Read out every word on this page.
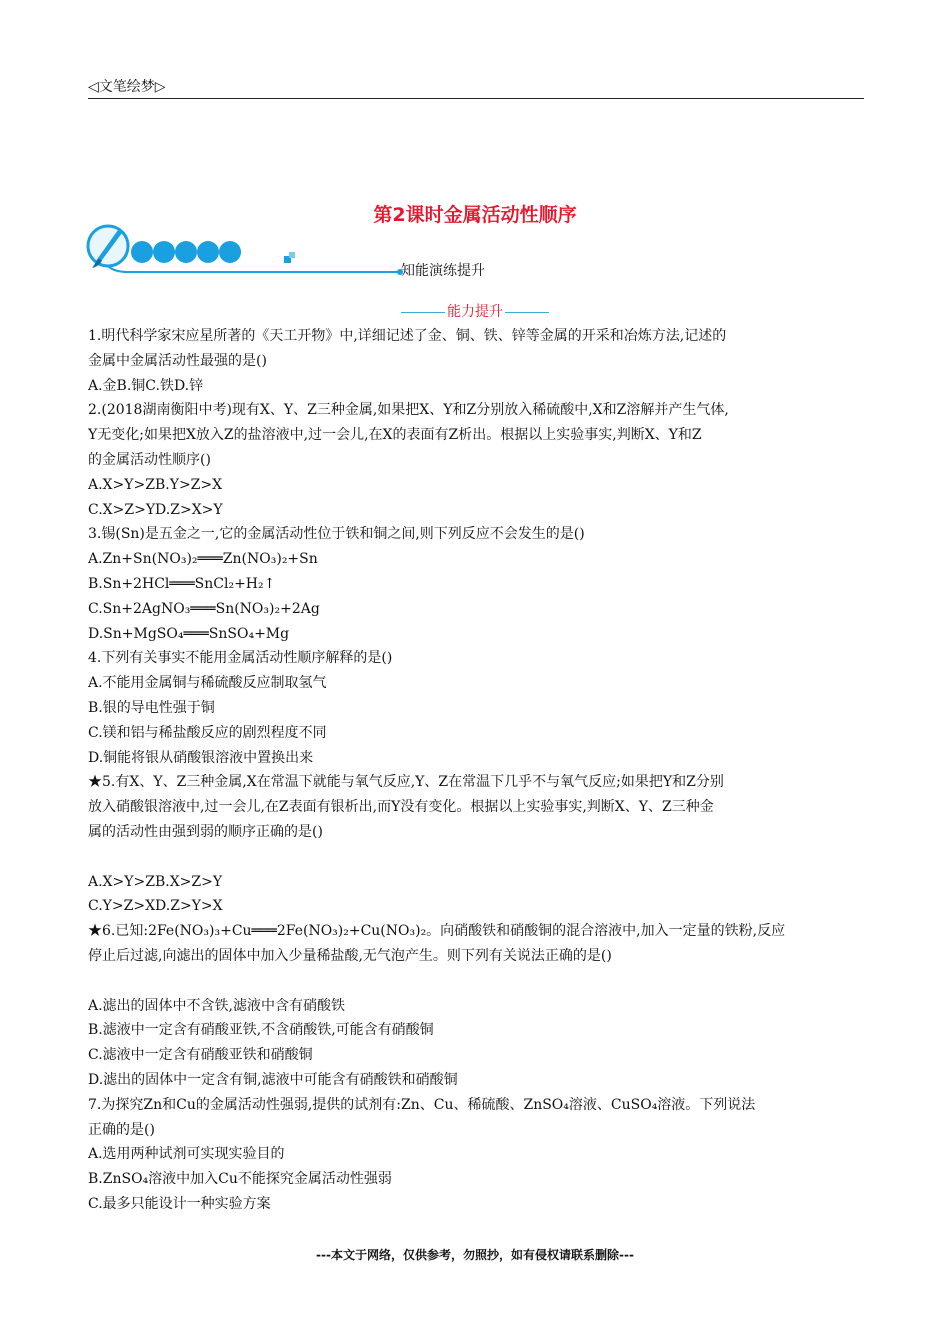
◁文笔绘梦▷
第2课时金属活动性顺序
知能演练提升
能力提升
1.明代科学家宋应星所著的《天工开物》中,详细记述了金、铜、铁、锌等金属的开采和冶炼方法,记述的
金属中金属活动性最强的是()
A.金B.铜C.铁D.锌
2.(2018湖南衡阳中考)现有X、Y、Z三种金属,如果把X、Y和Z分别放入稀硫酸中,X和Z溶解并产生气体,
Y无变化;如果把X放入Z的盐溶液中,过一会儿,在X的表面有Z析出。根据以上实验事实,判断X、Y和Z
的金属活动性顺序()
A.X>Y>ZB.Y>Z>X
C.X>Z>YD.Z>X>Y
3.锡(Sn)是五金之一,它的金属活动性位于铁和铜之间,则下列反应不会发生的是()
A.Zn+Sn(NO₃)₂═══Zn(NO₃)₂+Sn
B.Sn+2HCl═══SnCl₂+H₂↑
C.Sn+2AgNO₃═══Sn(NO₃)₂+2Ag
D.Sn+MgSO₄═══SnSO₄+Mg
4.下列有关事实不能用金属活动性顺序解释的是()
A.不能用金属铜与稀硫酸反应制取氢气
B.银的导电性强于铜
C.镁和铝与稀盐酸反应的剧烈程度不同
D.铜能将银从硝酸银溶液中置换出来
★5.有X、Y、Z三种金属,X在常温下就能与氧气反应,Y、Z在常温下几乎不与氧气反应;如果把Y和Z分别
放入硝酸银溶液中,过一会儿,在Z表面有银析出,而Y没有变化。根据以上实验事实,判断X、Y、Z三种金
属的活动性由强到弱的顺序正确的是()
A.X>Y>ZB.X>Z>Y
C.Y>Z>XD.Z>Y>X
★6.已知:2Fe(NO₃)₃+Cu═══2Fe(NO₃)₂+Cu(NO₃)₂。向硝酸铁和硝酸铜的混合溶液中,加入一定量的铁粉,反应
停止后过滤,向滤出的固体中加入少量稀盐酸,无气泡产生。则下列有关说法正确的是()
A.滤出的固体中不含铁,滤液中含有硝酸铁
B.滤液中一定含有硝酸亚铁,不含硝酸铁,可能含有硝酸铜
C.滤液中一定含有硝酸亚铁和硝酸铜
D.滤出的固体中一定含有铜,滤液中可能含有硝酸铁和硝酸铜
7.为探究Zn和Cu的金属活动性强弱,提供的试剂有:Zn、Cu、稀硫酸、ZnSO₄溶液、CuSO₄溶液。下列说法
正确的是()
A.选用两种试剂可实现实验目的
B.ZnSO₄溶液中加入Cu不能探究金属活动性强弱
C.最多只能设计一种实验方案
---本文于网络，仅供参考，勿照抄，如有侵权请联系删除---
